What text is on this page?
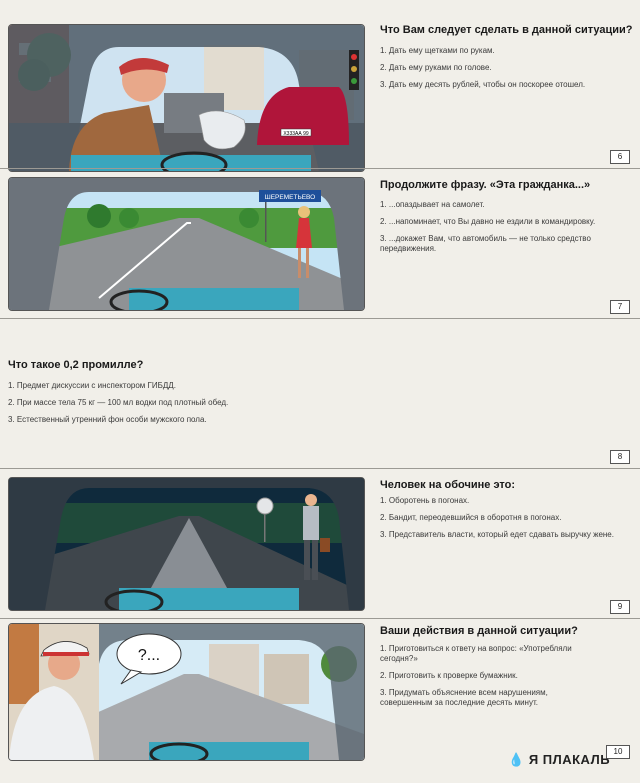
Х333АА 99
Что Вам следует сделать в данной ситуации?
1. Дать ему щетками по рукам.
2. Дать ему руками по голове.
3. Дать ему десять рублей, чтобы он поскорее отошел.
6
ШЕРЕМЕТЬЕВО
Продолжите фразу. «Эта гражданка...»
1. ...опаздывает на самолет.
2. ...напоминает, что Вы давно не ездили в командировку.
3. ...докажет Вам, что автомобиль — не только средство передвижения.
7
Что такое 0,2 промилле?
1. Предмет дискуссии с инспектором ГИБДД.
2. При массе тела 75 кг — 100 мл водки под плотный обед.
3. Естественный утренний фон особи мужского пола.
8
Человек на обочине это:
1. Оборотень в погонах.
2. Бандит, переодевшийся в оборотня в погонах.
3. Представитель власти, который едет сдавать выручку жене.
9
?...
Ваши действия в данной ситуации?
1. Приготовиться к ответу на вопрос: «Употребляли сегодня?»
2. Приготовить к проверке бумажник.
3. Придумать объяснение всем нарушениям, совершенным за последние десять минут.
10
💧 Я ПЛАКАЛЬ
